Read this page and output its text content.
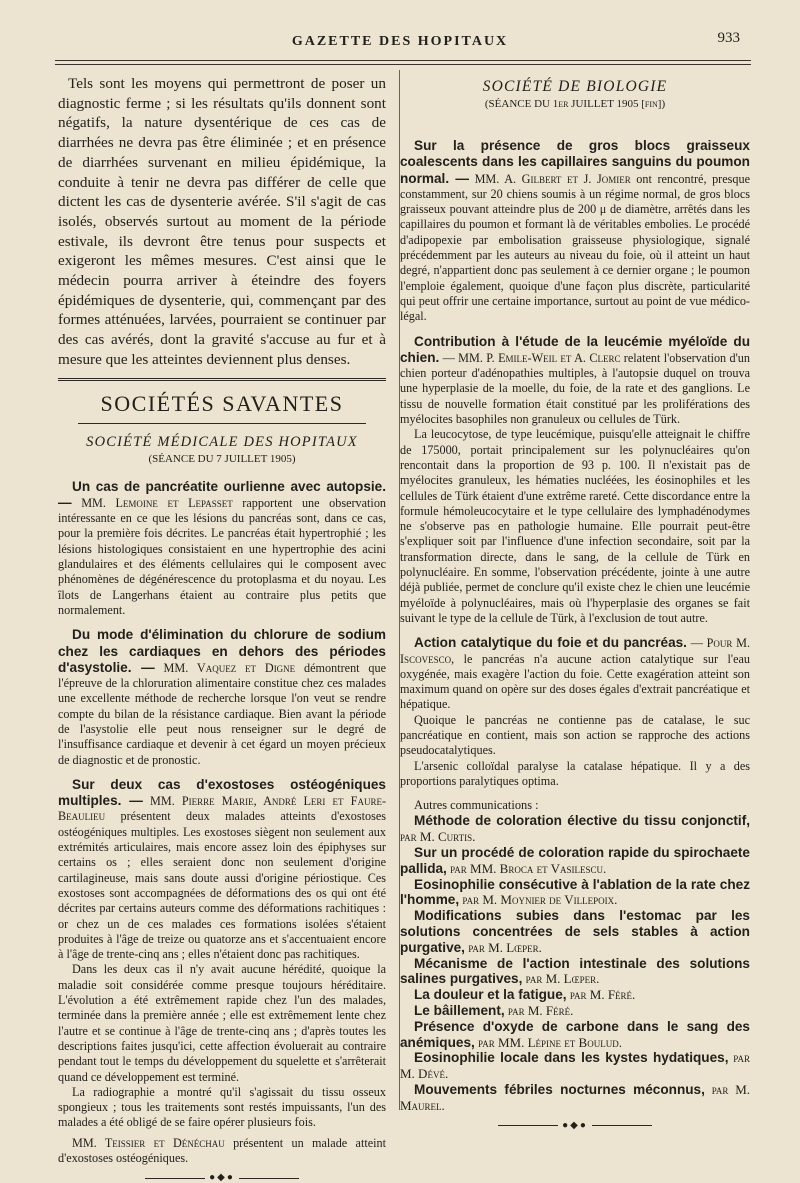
GAZETTE DES HOPITAUX	933

Tels sont les moyens qui permettront de poser un diagnostic ferme ; si les résultats qu'ils donnent sont négatifs, la nature dysentérique de ces cas de diarrhées ne devra pas être éliminée ; et en présence de diarrhées survenant en milieu épidémique, la conduite à tenir ne devra pas différer de celle que dictent les cas de dysenterie avérée. S'il s'agit de cas isolés, observés surtout au moment de la période estivale, ils devront être tenus pour suspects et exigeront les mêmes mesures. C'est ainsi que le médecin pourra arriver à éteindre des foyers épidémiques de dysenterie, qui, commençant par des formes atténuées, larvées, pourraient se continuer par des cas avérés, dont la gravité s'accuse au fur et à mesure que les atteintes deviennent plus denses.

SOCIÉTÉS SAVANTES
SOCIÉTÉ MÉDICALE DES HOPITAUX
(SÉANCE DU 7 JUILLET 1905)

Un cas de pancréatite ourlienne avec autopsie. — MM. Lemoine et Lepasset rapportent une observation intéressante en ce que les lésions du pancréas sont, dans ce cas, pour la première fois décrites. Le pancréas était hypertrophié ; les lésions histologiques consistaient en une hypertrophie des acini glandulaires et des éléments cellulaires qui le composent avec phénomènes de dégénérescence du protoplasma et du noyau. Les îlots de Langerhans étaient au contraire plus petits que normalement.

Du mode d'élimination du chlorure de sodium chez les cardiaques en dehors des périodes d'asystolie. — MM. Vaquez et Digne démontrent que l'épreuve de la chloruration alimentaire constitue chez ces malades une excellente méthode de recherche lorsque l'on veut se rendre compte du bilan de la résistance cardiaque. Bien avant la période de l'asystolie elle peut nous renseigner sur le degré de l'insuffisance cardiaque et devenir à cet égard un moyen précieux de diagnostic et de pronostic.

Sur deux cas d'exostoses ostéogéniques multiples. — MM. Pierre Marie, André Leri et Faure-Beaulieu présentent deux malades atteints d'exostoses ostéogéniques multiples. Les exostoses siègent non seulement aux extrémités articulaires, mais encore assez loin des épiphyses sur certains os ; elles seraient donc non seulement d'origine cartilagineuse, mais sans doute aussi d'origine périostique. Ces exostoses sont accompagnées de déformations des os qui ont été décrites par certains auteurs comme des déformations rachitiques : or chez un de ces malades ces formations isolées s'étaient produites à l'âge de treize ou quatorze ans et s'accentuaient encore à l'âge de trente-cinq ans ; elles n'étaient donc pas rachitiques.

Dans les deux cas il n'y avait aucune hérédité, quoique la maladie soit considérée comme presque toujours héréditaire. L'évolution a été extrêmement rapide chez l'un des malades, terminée dans la première année ; elle est extrêmement lente chez l'autre et se continue à l'âge de trente-cinq ans ; d'après toutes les descriptions faites jusqu'ici, cette affection évoluerait au contraire pendant tout le temps du développement du squelette et s'arrêterait quand ce développement est terminé.

La radiographie a montré qu'il s'agissait du tissu osseux spongieux ; tous les traitements sont restés impuissants, l'un des malades a été obligé de se faire opérer plusieurs fois.

MM. Teissier et Dénéchau présentent un malade atteint d'exostoses ostéogéniques.

●◆●
SOCIÉTÉ DE BIOLOGIE
(SÉANCE DU 1er JUILLET 1905 [fin])

Sur la présence de gros blocs graisseux coalescents dans les capillaires sanguins du poumon normal. — MM. A. Gilbert et J. Jomier ont rencontré, presque constamment, sur 20 chiens soumis à un régime normal, de gros blocs graisseux pouvant atteindre plus de 200 μ de diamètre, arrêtés dans les capillaires du poumon et formant là de véritables embolies. Le procédé d'adipopexie par embolisation graisseuse physiologique, signalé précédemment par les auteurs au niveau du foie, où il atteint un haut degré, n'appartient donc pas seulement à ce dernier organe ; le poumon l'emploie également, quoique d'une façon plus discrète, particularité qui peut offrir une certaine importance, surtout au point de vue médico-légal.

Contribution à l'étude de la leucémie myéloïde du chien. — MM. P. Emile-Weil et A. Clerc relatent l'observation d'un chien porteur d'adénopathies multiples, à l'autopsie duquel on trouva une hyperplasie de la moelle, du foie, de la rate et des ganglions. Le tissu de nouvelle formation était constitué par les proliférations des myélocites basophiles non granuleux ou cellules de Türk.

La leucocytose, de type leucémique, puisqu'elle atteignait le chiffre de 175000, portait principalement sur les polynucléaires qu'on rencontait dans la proportion de 93 p. 100. Il n'existait pas de myélocites granuleux, les hématies nucléées, les éosinophiles et les cellules de Türk étaient d'une extrême rareté. Cette discordance entre la formule hémoleucocytaire et le type cellulaire des lymphadénodymes ne s'observe pas en pathologie humaine. Elle pourrait peut-être s'expliquer soit par l'influence d'une infection secondaire, soit par la transformation directe, dans le sang, de la cellule de Türk en polynucléaire. En somme, l'observation précédente, jointe à une autre déjà publiée, permet de conclure qu'il existe chez le chien une leucémie myéloïde à polynucléaires, mais où l'hyperplasie des organes se fait suivant le type de la cellule de Türk, à l'exclusion de tout autre.

Action catalytique du foie et du pancréas. — Pour M. Iscovesco, le pancréas n'a aucune action catalytique sur l'eau oxygénée, mais exagère l'action du foie. Cette exagération atteint son maximum quand on opère sur des doses égales d'extrait pancréatique et hépatique.

Quoique le pancréas ne contienne pas de catalase, le suc pancréatique en contient, mais son action se rapproche des actions pseudocatalytiques.

L'arsenic colloïdal paralyse la catalase hépatique. Il y a des proportions paralytiques optima.

Autres communications :

Méthode de coloration élective du tissu conjonctif, par M. Curtis.

Sur un procédé de coloration rapide du spirochaete pallida, par MM. Broca et Vasilescu.

Eosinophilie consécutive à l'ablation de la rate chez l'homme, par M. Moynier de Villepoix.

Modifications subies dans l'estomac par les solutions concentrées de sels stables à action purgative, par M. Lœper.

Mécanisme de l'action intestinale des solutions salines purgatives, par M. Lœper.

La douleur et la fatigue, par M. Féré.

Le bâillement, par M. Féré.

Présence d'oxyde de carbone dans le sang des anémiques, par MM. Lépine et Boulud.

Eosinophilie locale dans les kystes hydatiques, par M. Dévé.

Mouvements fébriles nocturnes méconnus, par M. Maurel.

●◆●
